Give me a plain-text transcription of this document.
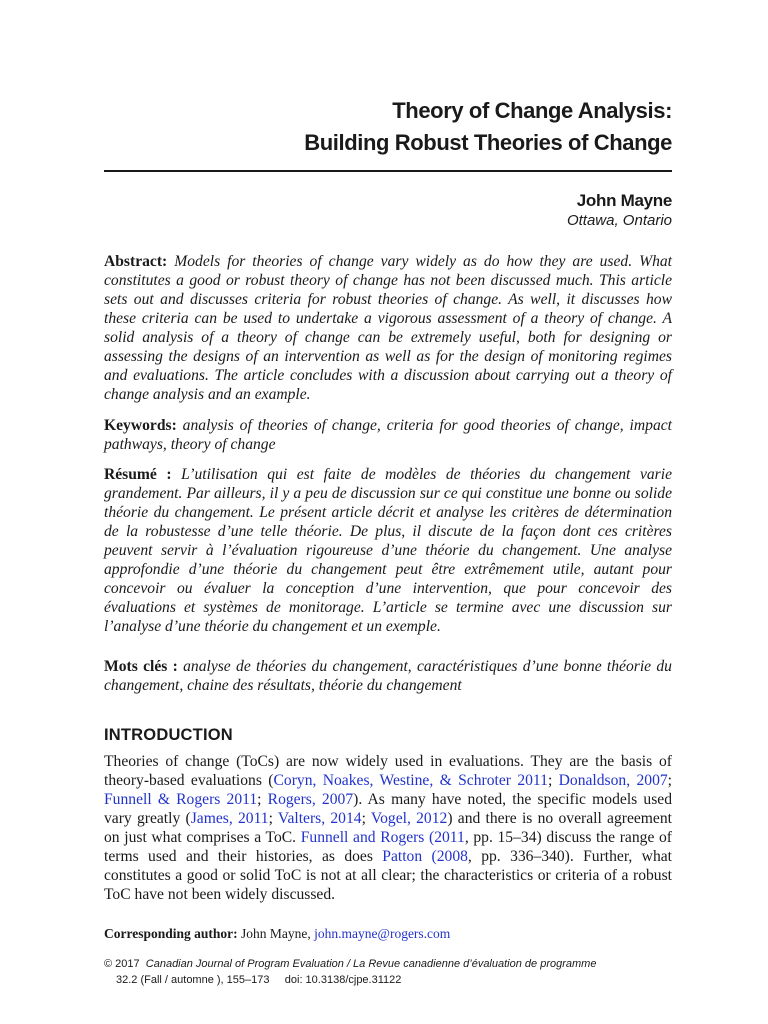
Theory of Change Analysis:
Building Robust Theories of Change
John Mayne
Ottawa, Ontario
Abstract: Models for theories of change vary widely as do how they are used. What constitutes a good or robust theory of change has not been discussed much. This article sets out and discusses criteria for robust theories of change. As well, it discusses how these criteria can be used to undertake a vigorous assessment of a theory of change. A solid analysis of a theory of change can be extremely useful, both for designing or assessing the designs of an intervention as well as for the design of monitoring regimes and evaluations. The article concludes with a discussion about carrying out a theory of change analysis and an example.
Keywords: analysis of theories of change, criteria for good theories of change, impact pathways, theory of change
Résumé : L’utilisation qui est faite de modèles de théories du changement varie grandement. Par ailleurs, il y a peu de discussion sur ce qui constitue une bonne ou solide théorie du changement. Le présent article décrit et analyse les critères de détermination de la robustesse d’une telle théorie. De plus, il discute de la façon dont ces critères peuvent servir à l’évaluation rigoureuse d’une théorie du changement. Une analyse approfondie d’une théorie du changement peut être extrêmement utile, autant pour concevoir ou évaluer la conception d’une intervention, que pour concevoir des évaluations et systèmes de monitorage. L’article se termine avec une discussion sur l’analyse d’une théorie du changement et un exemple.
Mots clés : analyse de théories du changement, caractéristiques d’une bonne théorie du changement, chaine des résultats, théorie du changement
INTRODUCTION
Theories of change (ToCs) are now widely used in evaluations. They are the basis of theory-based evaluations (Coryn, Noakes, Westine, & Schroter 2011; Donaldson, 2007; Funnell & Rogers 2011; Rogers, 2007). As many have noted, the specific models used vary greatly (James, 2011; Valters, 2014; Vogel, 2012) and there is no overall agreement on just what comprises a ToC. Funnell and Rogers (2011, pp. 15–34) discuss the range of terms used and their histories, as does Patton (2008, pp. 336–340). Further, what constitutes a good or solid ToC is not at all clear; the characteristics or criteria of a robust ToC have not been widely discussed.
Corresponding author: John Mayne, john.mayne@rogers.com
© 2017 Canadian Journal of Program Evaluation / La Revue canadienne d’évaluation de programme
32.2 (Fall / automne ), 155–173 doi: 10.3138/cjpe.31122
